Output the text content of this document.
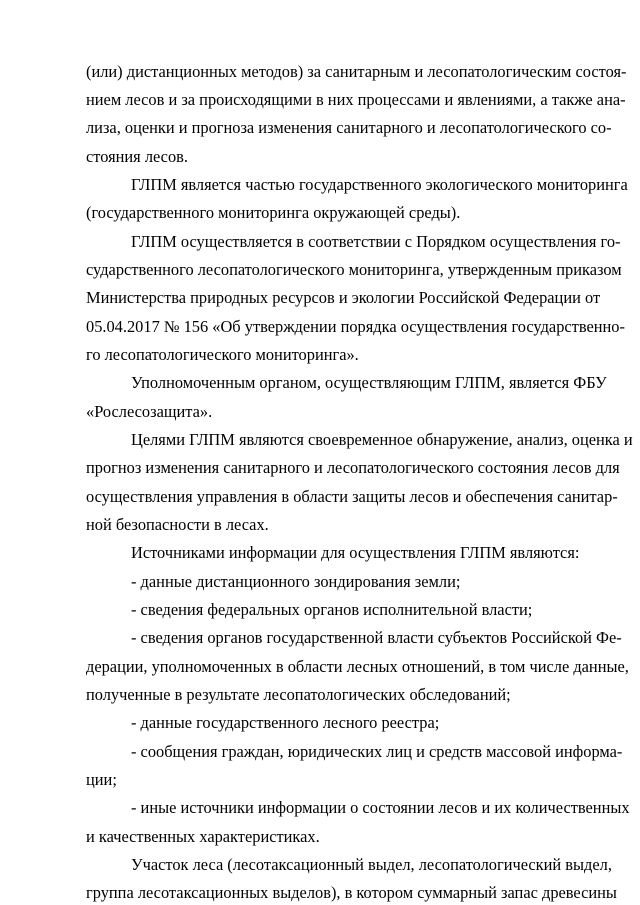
(или) дистанционных методов) за санитарным и лесопатологическим состоя-
нием лесов и за происходящими в них процессами и явлениями, а также ана-
лиза, оценки и прогноза изменения санитарного и лесопатологического со-
стояния лесов.
ГЛПМ является частью государственного экологического мониторинга
(государственного мониторинга окружающей среды).
ГЛПМ осуществляется в соответствии с Порядком осуществления го-
сударственного лесопатологического мониторинга, утвержденным приказом
Министерства природных ресурсов и экологии Российской Федерации от
05.04.2017 № 156 «Об утверждении порядка осуществления государственно-
го лесопатологического мониторинга».
Уполномоченным органом, осуществляющим ГЛПМ, является ФБУ
«Рослесозащита».
Целями ГЛПМ являются своевременное обнаружение, анализ, оценка и
прогноз изменения санитарного и лесопатологического состояния лесов для
осуществления управления в области защиты лесов и обеспечения санитар-
ной безопасности в лесах.
Источниками информации для осуществления ГЛПМ являются:
- данные дистанционного зондирования земли;
- сведения федеральных органов исполнительной власти;
- сведения органов государственной власти субъектов Российской Фе-
дерации, уполномоченных в области лесных отношений, в том числе данные,
полученные в результате лесопатологических обследований;
- данные государственного лесного реестра;
- сообщения граждан, юридических лиц и средств массовой информа-
ции;
- иные источники информации о состоянии лесов и их количественных
и качественных характеристиках.
Участок леса (лесотаксационный выдел, лесопатологический выдел,
группа лесотаксационных выделов), в котором суммарный запас древесины
